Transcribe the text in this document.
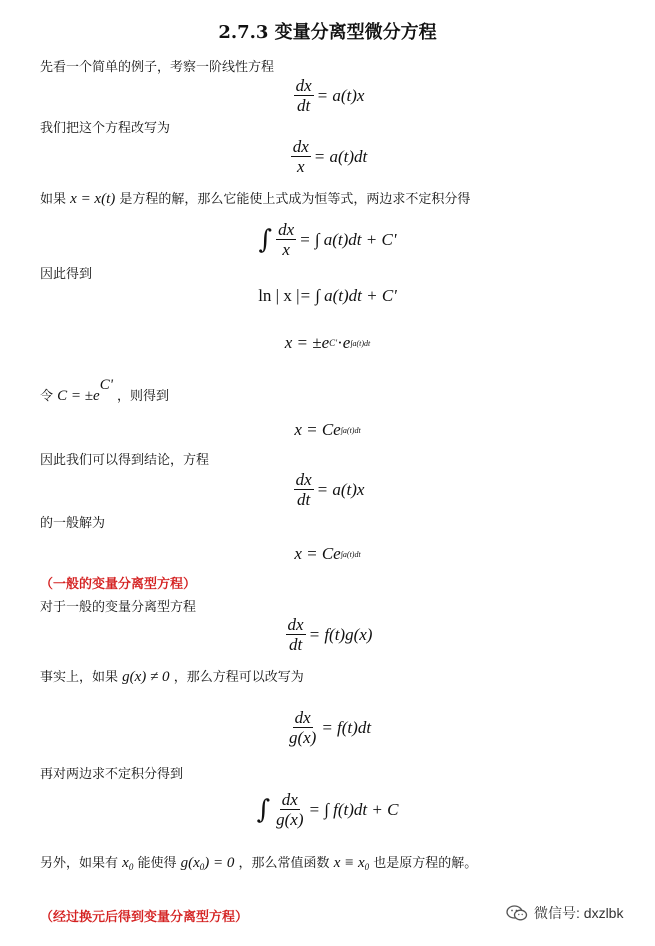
2.7.3 变量分离型微分方程
先看一个简单的例子，考察一阶线性方程
$\frac{dx}{dt} = a(t)x$
我们把这个方程改写为
$\frac{dx}{x} = a(t)dt$
如果 x = x(t) 是方程的解，那么它能使上式成为恒等式，两边求不定积分得
∫ $\frac{dx}{x}$ = ∫ a(t)dt + C'
因此得到
ln | x | = ∫ a(t)dt + C'
x = ± e C' · e ∫a(t)dt
令 C = ±eC' ，则得到
x = C e ∫a(t)dt
因此我们可以得到结论，方程
$\frac{dx}{dt} = a(t)x$
的一般解为
x = C e ∫a(t)dt
（一般的变量分离型方程）
对于一般的变量分离型方程
$\frac{dx}{dt} = f(t)g(x)$
事实上，如果 g(x) ≠ 0 ，那么方程可以改写为
$\frac{dx}{g(x)} = f(t)dt$
再对两边求不定积分得到
∫ $\frac{dx}{g(x)}$ = ∫ f(t)dt + C
另外，如果有 $x_0$ 能使得 $g(x_0) = 0$ ，那么常值函数 $x \equiv x_0$ 也是原方程的解。
（经过换元后得到变量分离型方程）	微信号: dxzlbk
